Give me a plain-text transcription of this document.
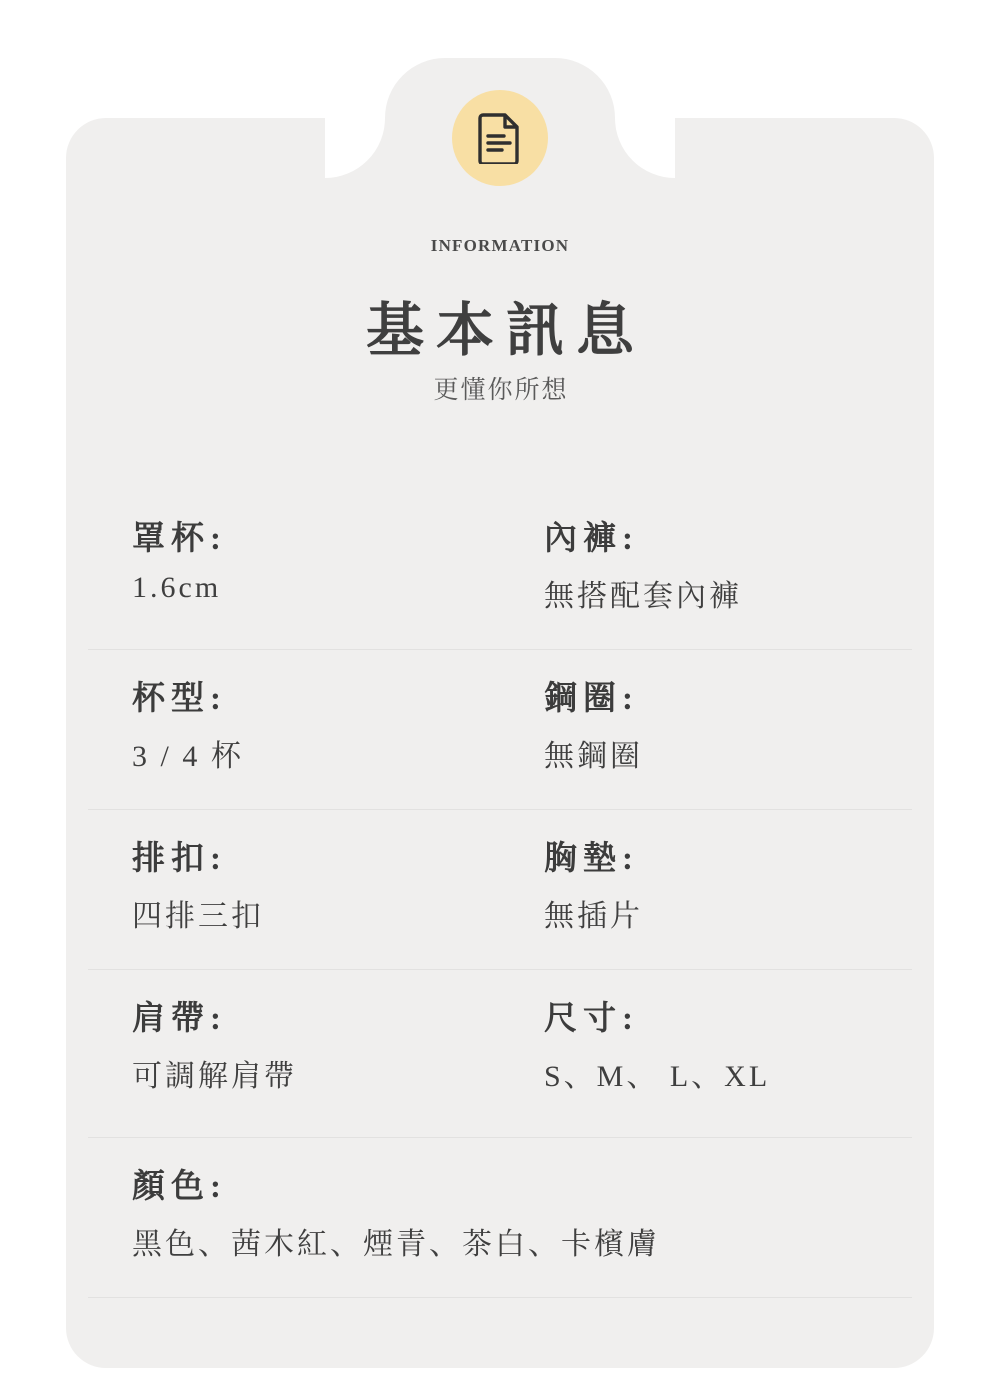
INFORMATION
基本訊息
更懂你所想
罩杯:
1.6cm
內褲:
無搭配套內褲
杯型:
3 / 4 杯
鋼圈:
無鋼圈
排扣:
四排三扣
胸墊:
無插片
肩帶:
可調解肩帶
尺寸:
S、M、 L、XL
顏色:
黑色、茜木紅、煙青、茶白、卡檳膚
